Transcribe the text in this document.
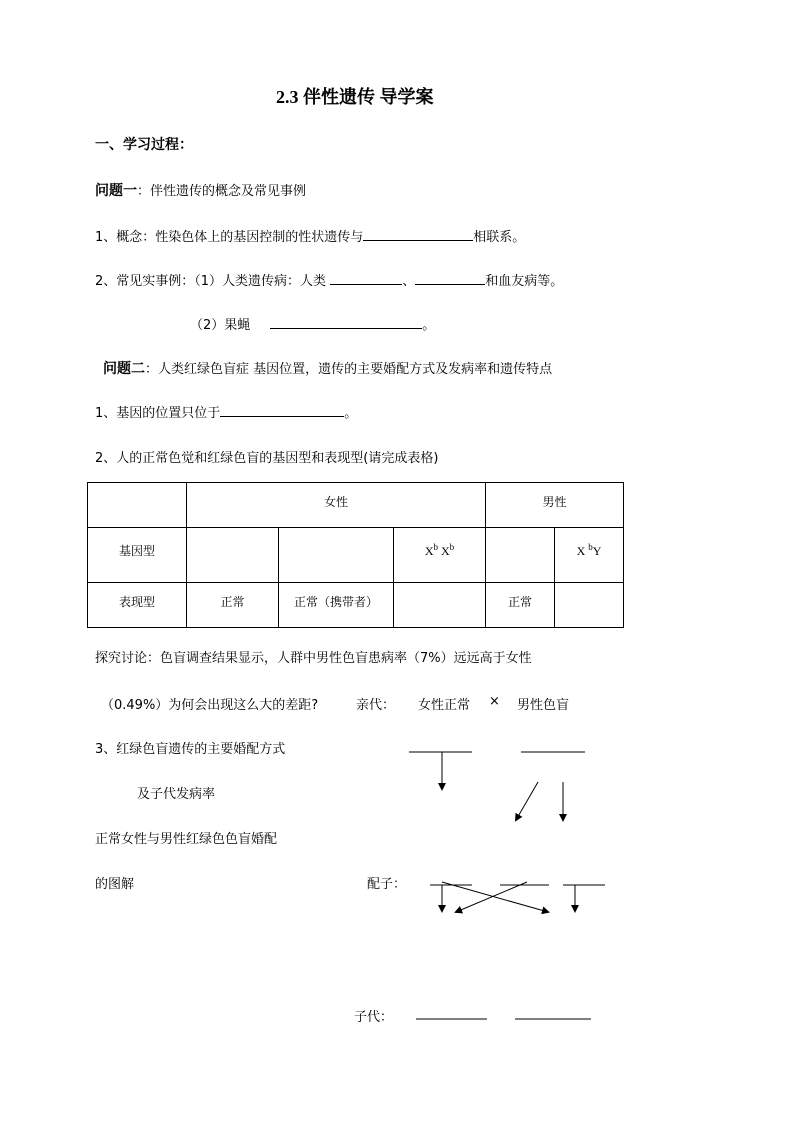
2.3 伴性遗传 导学案
一、学习过程：
问题一：伴性遗传的概念及常见事例
1、概念：性染色体上的基因控制的性状遗传与	相联系。
2、常见实事例：（1）人类遗传病：人类	、	和血友病等。
（2）果蝇	。
问题二：人类红绿色盲症 基因位置，遗传的主要婚配方式及发病率和遗传特点
1、基因的位置只位于	。
2、人的正常色觉和红绿色盲的基因型和表现型(请完成表格)
	女性			男性	
基因型			$X^b$ $X^b$		X $^b$Y
表现型	正常	正常（携带者）		正常	
探究讨论：色盲调查结果显示，人群中男性色盲患病率（7%）远远高于女性
（0.49%）为何会出现这么大的差距?	亲代： 女性正常 × 男性色盲
3、红绿色盲遗传的主要婚配方式
及子代发病率
正常女性与男性红绿色色盲婚配
的图解	配子：
子代：
